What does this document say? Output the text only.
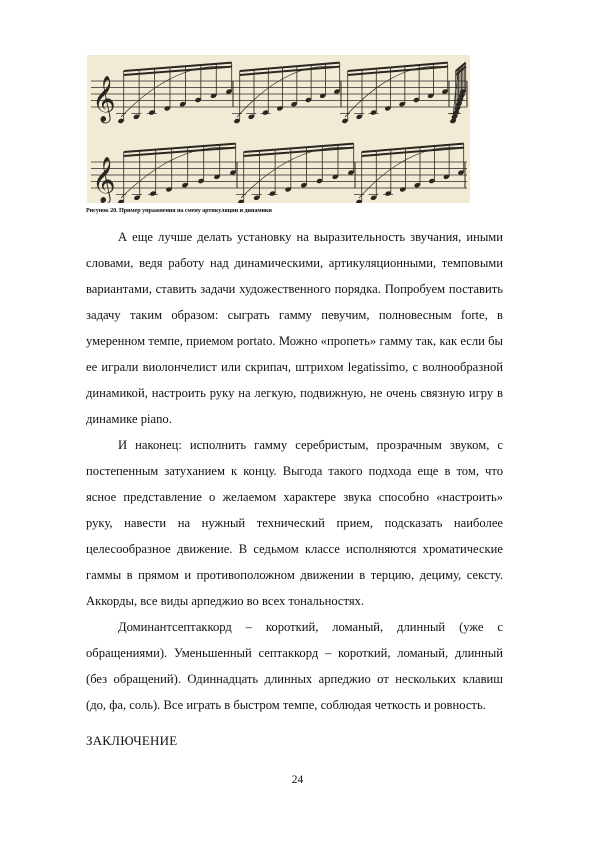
𝄞
𝄞
Рисунок 20. Пример упражнения на смену артикуляции и динамики

А еще лучше делать установку на выразительность звучания, иными словами, ведя работу над динамическими, артикуляционными, темповыми вариантами, ставить задачи художественного порядка. Попробуем поставить задачу таким образом: сыграть гамму певучим, полновесным forte, в умеренном темпе, приемом portato. Можно «пропеть» гамму так, как если бы ее играли виолончелист или скрипач, штрихом legatissimo, с волнообразной динамикой, настроить руку на легкую, подвижную, не очень связную игру в динамике piano.

И наконец: исполнить гамму серебристым, прозрачным звуком, с постепенным затуханием к концу. Выгода такого подхода еще в том, что ясное представление о желаемом характере звука способно «настроить» руку, навести на нужный технический прием, подсказать наиболее целесообразное движение. В седьмом классе исполняются хроматические гаммы в прямом и противоположном движении в терцию, дециму, сексту. Аккорды, все виды арпеджио во всех тональностях.

Доминантсептаккорд – короткий, ломаный, длинный (уже с обращениями). Уменьшенный септаккорд – короткий, ломаный, длинный (без обращений). Одиннадцать длинных арпеджио от нескольких клавиш (до, фа, соль). Все играть в быстром темпе, соблюдая четкость и ровность.

ЗАКЛЮЧЕНИЕ
24
